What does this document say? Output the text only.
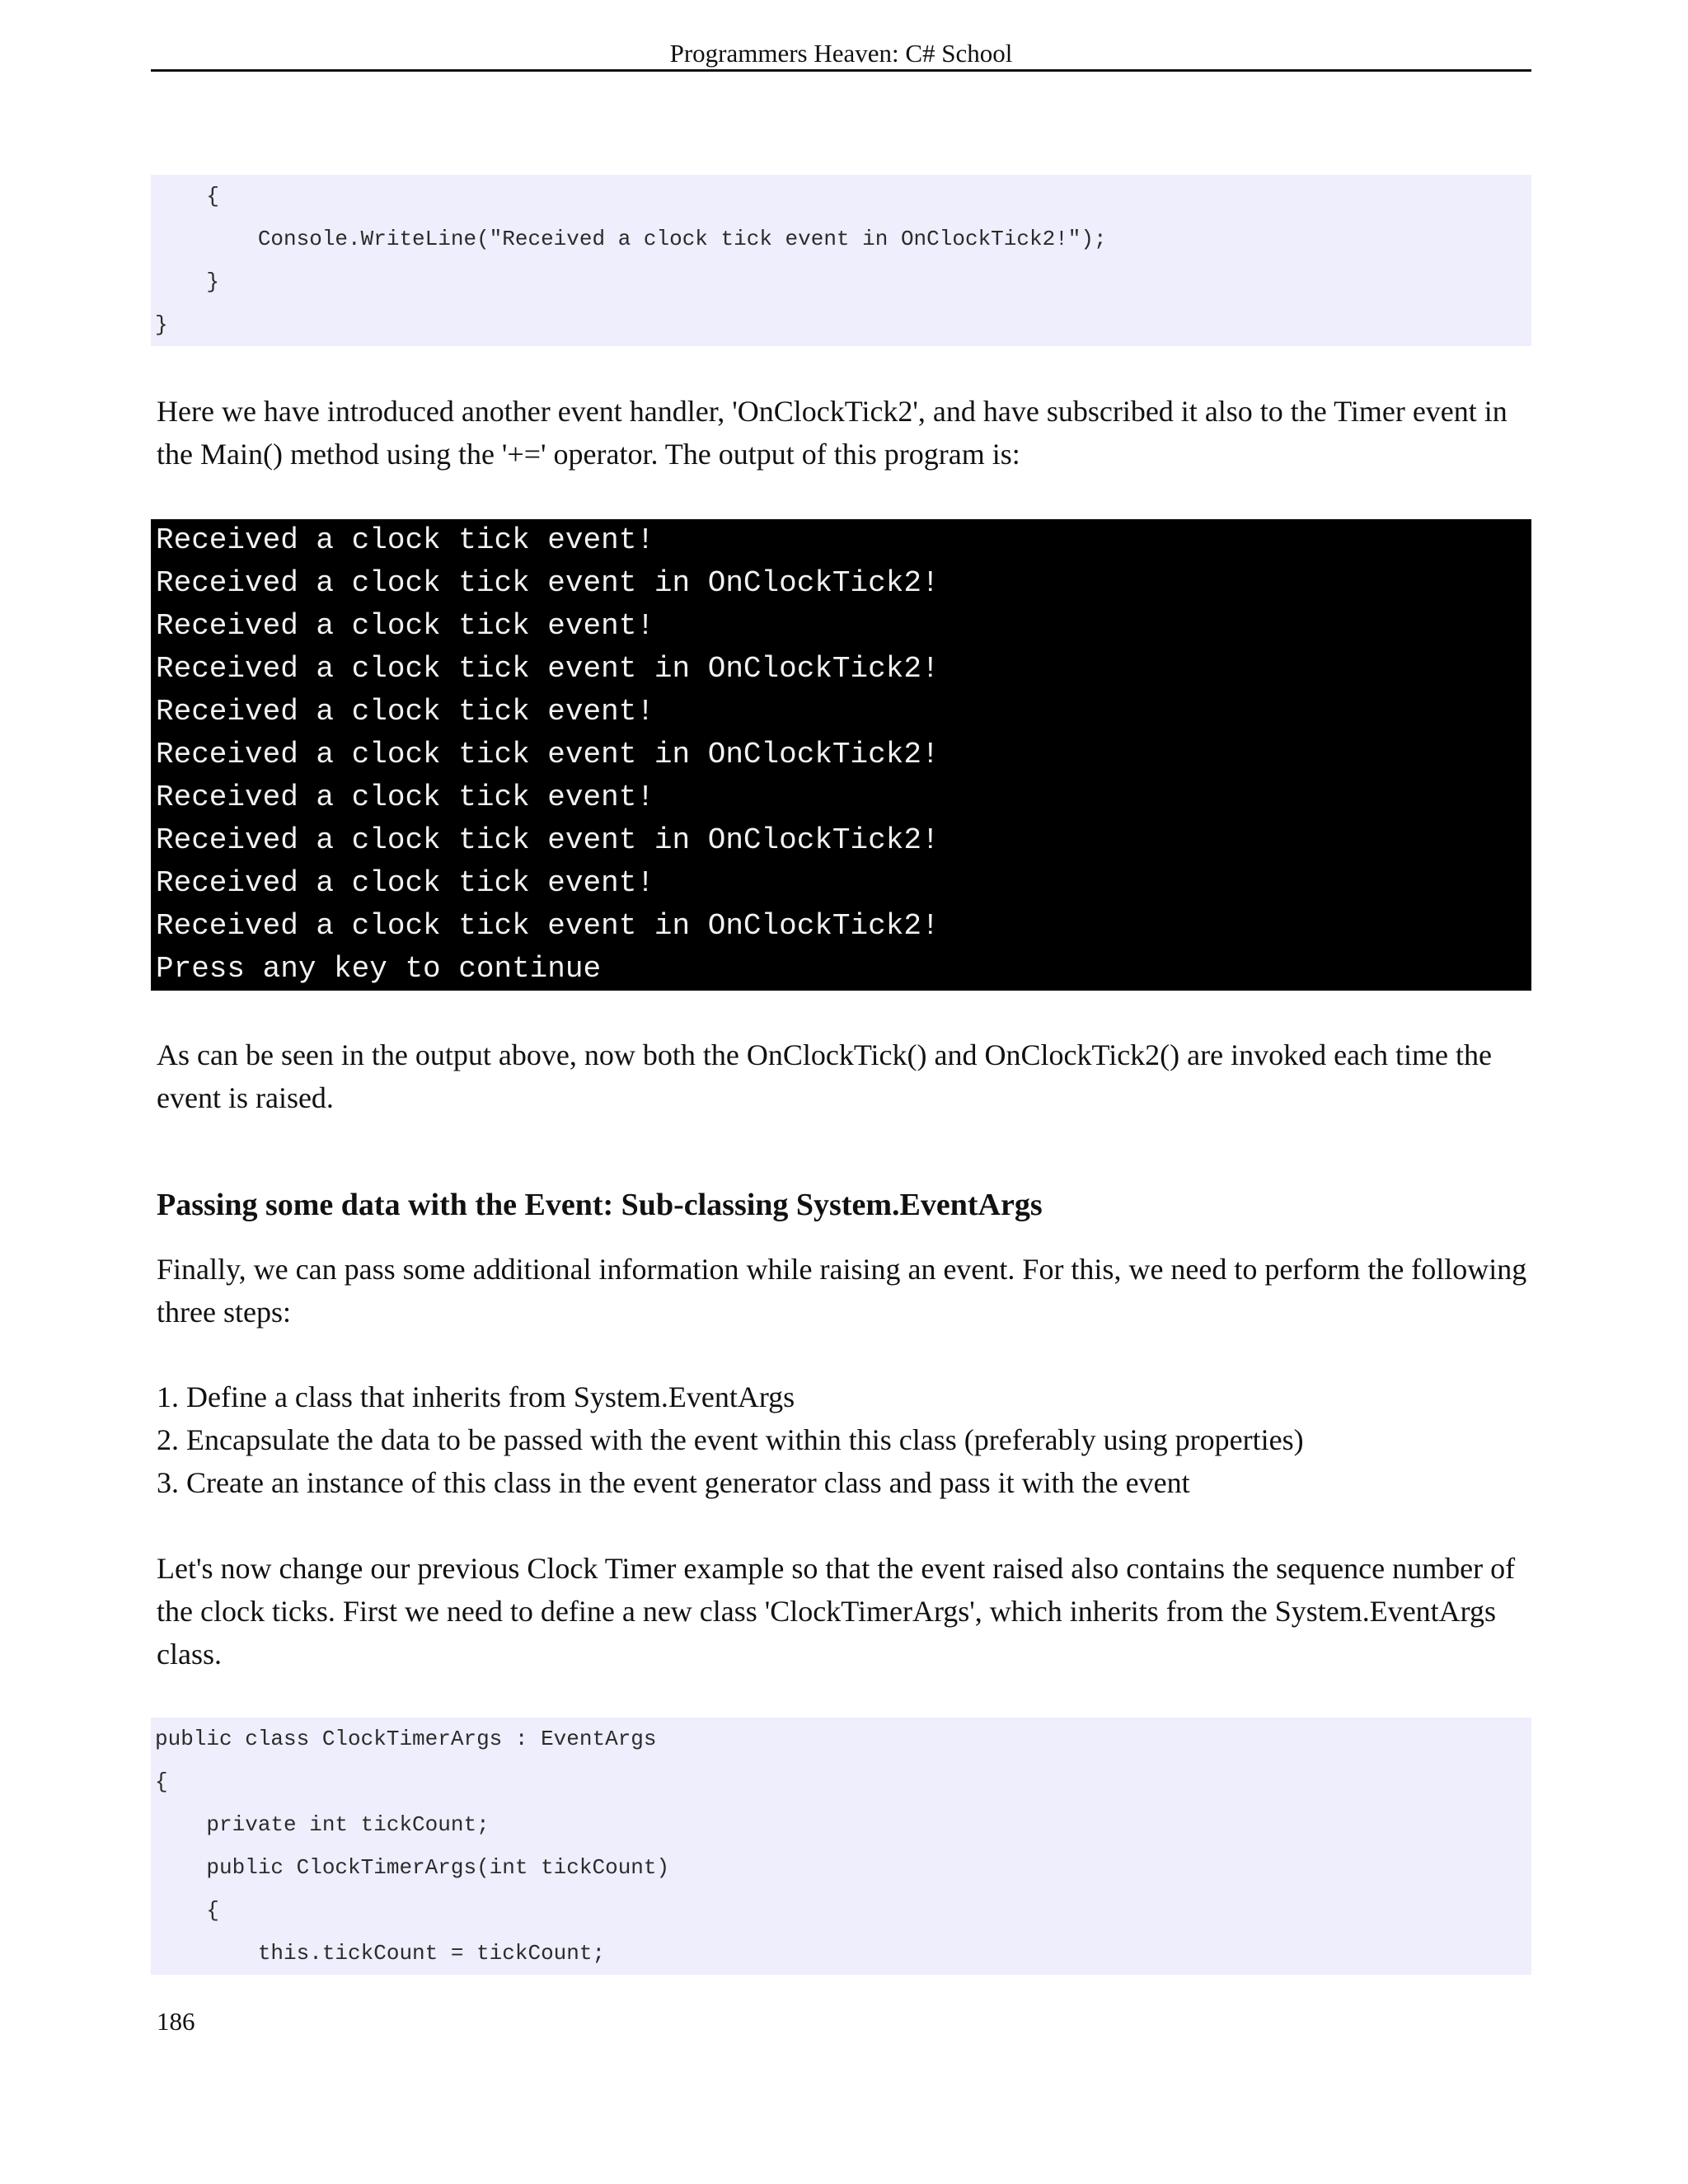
Programmers Heaven: C# School
{
Console.WriteLine("Received a clock tick event in OnClockTick2!");
}
}

Here we have introduced another event handler, 'OnClockTick2', and have subscribed it also to the Timer event in the Main() method using the '+=' operator. The output of this program is:

Received a clock tick event!
Received a clock tick event in OnClockTick2!
Received a clock tick event!
Received a clock tick event in OnClockTick2!
Received a clock tick event!
Received a clock tick event in OnClockTick2!
Received a clock tick event!
Received a clock tick event in OnClockTick2!
Received a clock tick event!
Received a clock tick event in OnClockTick2!
Press any key to continue

As can be seen in the output above, now both the OnClockTick() and OnClockTick2() are invoked each time the event is raised.

Passing some data with the Event: Sub-classing System.EventArgs

Finally, we can pass some additional information while raising an event. For this, we need to perform the following three steps:

1. Define a class that inherits from System.EventArgs
2. Encapsulate the data to be passed with the event within this class (preferably using properties)
3. Create an instance of this class in the event generator class and pass it with the event

Let's now change our previous Clock Timer example so that the event raised also contains the sequence number of the clock ticks. First we need to define a new class 'ClockTimerArgs', which inherits from the System.EventArgs class.

public class ClockTimerArgs : EventArgs
{
private int tickCount;
public ClockTimerArgs(int tickCount)
{
this.tickCount = tickCount;
186
